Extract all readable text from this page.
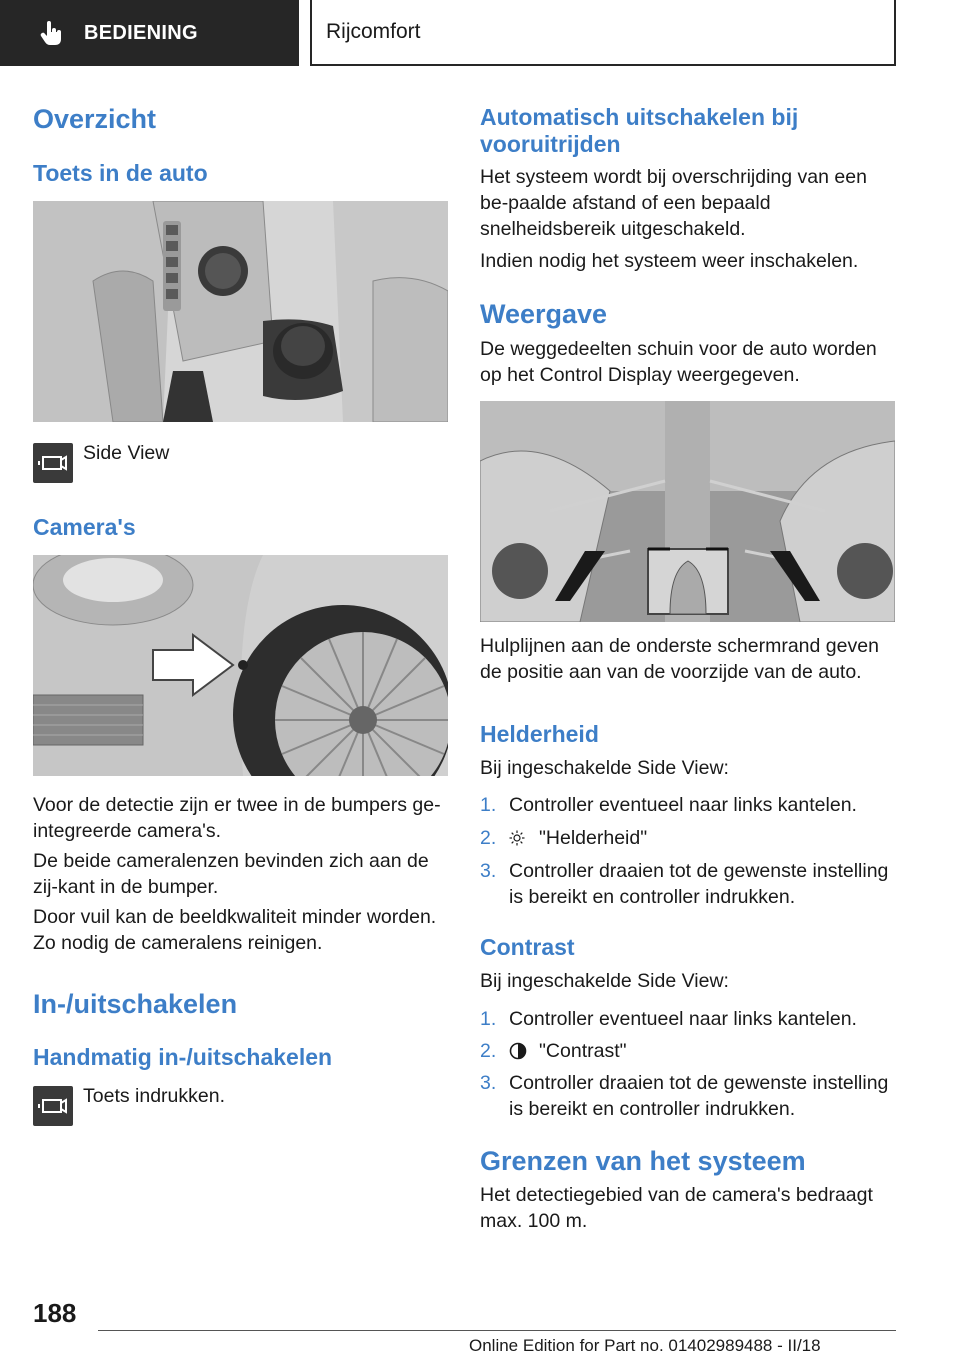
BEDIENING	Rijcomfort
Overzicht
Toets in de auto
Side View
Camera's
Voor de detectie zijn er twee in de bumpers ge-integreerde camera's.
De beide cameralenzen bevinden zich aan de zij-kant in de bumper.
Door vuil kan de beeldkwaliteit minder worden. Zo nodig de cameralens reinigen.
In-/uitschakelen
Handmatig in-/uitschakelen
Toets indrukken.
Automatisch uitschakelen bij vooruitrijden
Het systeem wordt bij overschrijding van een be-paalde afstand of een bepaald snelheidsbereik uitgeschakeld.
Indien nodig het systeem weer inschakelen.
Weergave
De weggedeelten schuin voor de auto worden op het Control Display weergegeven.
Hulplijnen aan de onderste schermrand geven de positie aan van de voorzijde van de auto.
Helderheid
Bij ingeschakelde Side View:
1. Controller eventueel naar links kantelen.
2. "Helderheid"
3. Controller draaien tot de gewenste instelling is bereikt en controller indrukken.
Contrast
Bij ingeschakelde Side View:
1. Controller eventueel naar links kantelen.
2. "Contrast"
3. Controller draaien tot de gewenste instelling is bereikt en controller indrukken.
Grenzen van het systeem
Het detectiegebied van de camera's bedraagt max. 100 m.
188
Online Edition for Part no. 01402989488 - II/18
